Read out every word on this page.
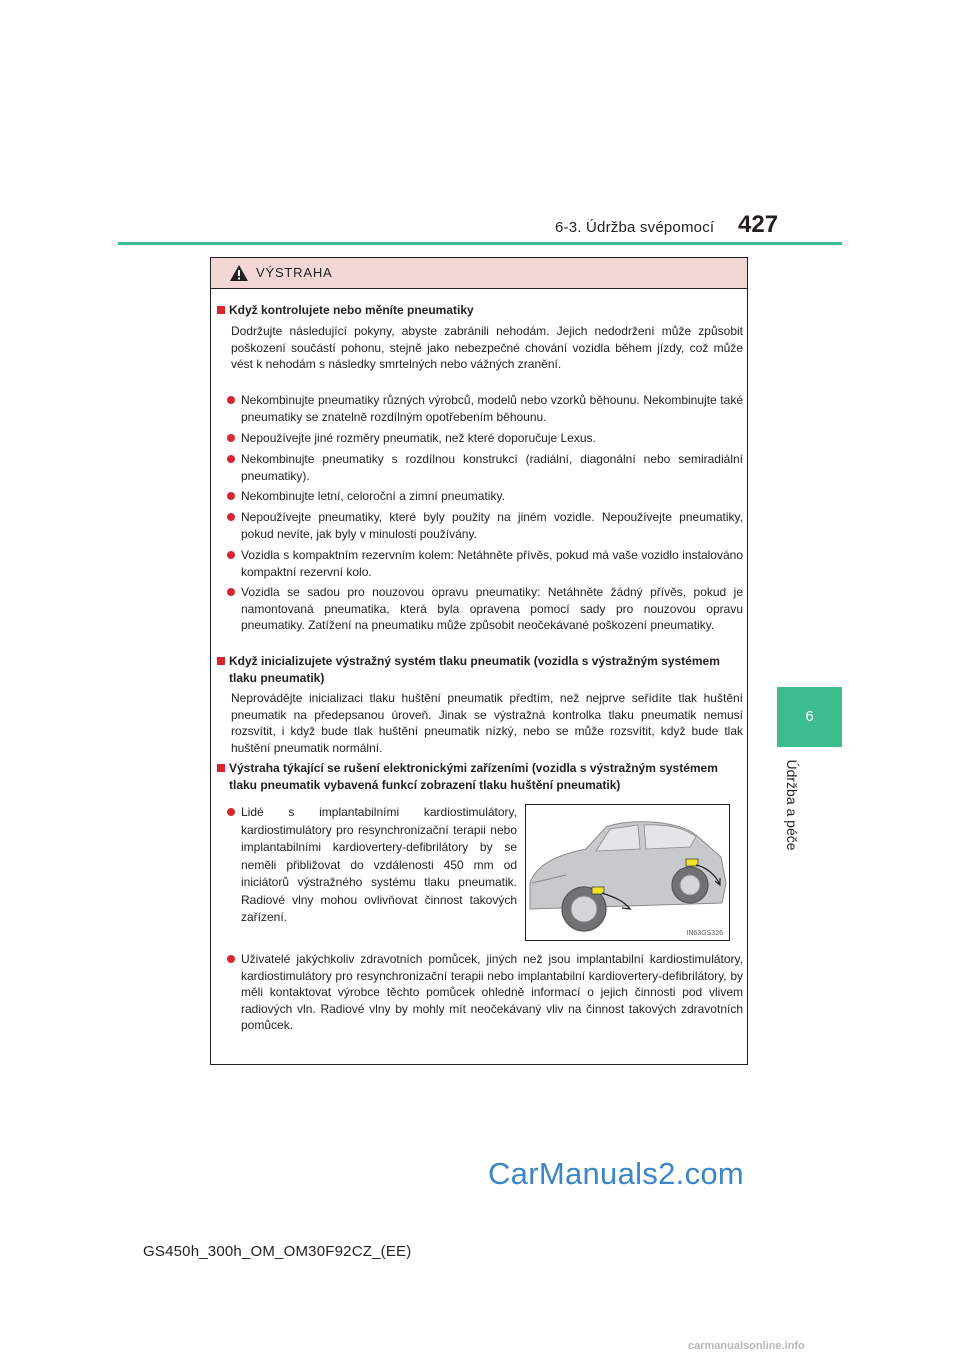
6-3. Údržba svépomocí 427
6
Údržba a péče
VÝSTRAHA
Když kontrolujete nebo měníte pneumatiky
Dodržujte následující pokyny, abyste zabránili nehodám. Jejich nedodržení může způsobit poškození součástí pohonu, stejně jako nebezpečné chování vozidla během jízdy, což může vést k nehodám s následky smrtelných nebo vážných zranění.
Nekombinujte pneumatiky různých výrobců, modelů nebo vzorků běhounu. Nekombinujte také pneumatiky se znatelně rozdílným opotřebením běhounu.
Nepoužívejte jiné rozměry pneumatik, než které doporučuje Lexus.
Nekombinujte pneumatiky s rozdílnou konstrukcí (radiální, diagonální nebo semiradiální pneumatiky).
Nekombinujte letní, celoroční a zimní pneumatiky.
Nepoužívejte pneumatiky, které byly použity na jiném vozidle. Nepoužívejte pneumatiky, pokud nevíte, jak byly v minulosti používány.
Vozidla s kompaktním rezervním kolem: Netáhněte přívěs, pokud má vaše vozidlo instalováno kompaktní rezervní kolo.
Vozidla se sadou pro nouzovou opravu pneumatiky: Netáhněte žádný přívěs, pokud je namontovaná pneumatika, která byla opravena pomocí sady pro nouzovou opravu pneumatiky. Zatížení na pneumatiku může způsobit neočekávané poškození pneumatiky.
Když inicializujete výstražný systém tlaku pneumatik (vozidla s výstražným systémem tlaku pneumatik)
Neprovádějte inicializaci tlaku huštění pneumatik předtím, než nejprve seřídíte tlak huštění pneumatik na předepsanou úroveň. Jinak se výstražná kontrolka tlaku pneumatik nemusí rozsvítit, i když bude tlak huštění pneumatik nízký, nebo se může rozsvítit, když bude tlak huštění pneumatik normální.
Výstraha týkající se rušení elektronickými zařízeními (vozidla s výstražným systémem tlaku pneumatik vybavená funkcí zobrazení tlaku huštění pneumatik)
Lidé s implantabilními kardiostimulátory, kardiostimulátory pro resynchronizační terapii nebo implantabilními kardiovertery-defibrilátory by se neměli přibližovat do vzdálenosti 450 mm od iniciátorů výstražného systému tlaku pneumatik. Radiové vlny mohou ovlivňovat činnost takových zařízení.
IN63GS326
Uživatelé jakýchkoliv zdravotních pomůcek, jiných než jsou implantabilní kardiostimulátory, kardiostimulátory pro resynchronizační terapii nebo implantabilní kardiovertery-defibrilátory, by měli kontaktovat výrobce těchto pomůcek ohledně informací o jejich činnosti pod vlivem radiových vln. Radiové vlny by mohly mít neočekávaný vliv na činnost takových zdravotních pomůcek.
CarManuals2.com
GS450h_300h_OM_OM30F92CZ_(EE)
carmanualsonline.info
